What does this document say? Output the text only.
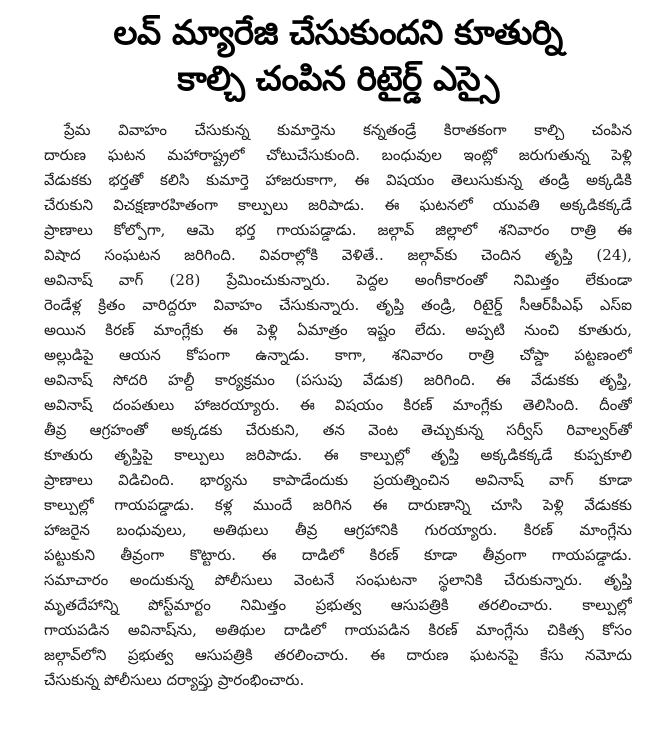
లవ్ మ్యారేజి చేసుకుందని కూతుర్ని
కాల్చి చంపిన రిటైర్డ్ ఎస్సై
ప్రేమ వివాహం చేసుకున్న కుమార్తెను కన్నతండ్రే కిరాతకంగా కాల్చి చంపిన
దారుణ ఘటన మహారాష్ట్రలో చోటుచేసుకుంది. బంధువుల ఇంట్లో జరుగుతున్న పెళ్లి
వేడుకకు భర్తతో కలిసి కుమార్తె హాజరుకాగా, ఈ విషయం తెలుసుకున్న తండ్రి అక్కడికి
చేరుకుని విచక్షణారహితంగా కాల్పులు జరిపాడు. ఈ ఘటనలో యువతి అక్కడికక్కడే
ప్రాణాలు కోల్పోగా, ఆమె భర్త గాయపడ్డాడు. జల్గావ్ జిల్లాలో శనివారం రాత్రి ఈ
విషాద సంఘటన జరిగింది. వివరాల్లోకి వెళితే.. జల్గావ్‌కు చెందిన తృప్తి (24),
అవినాష్ వాగ్ (28) ప్రేమించుకున్నారు. పెద్దల అంగీకారంతో నిమిత్తం లేకుండా
రెండేళ్ల క్రితం వారిద్దరూ వివాహం చేసుకున్నారు. తృప్తి తండ్రి, రిటైర్డ్ సీఆర్‌పీఎఫ్ ఎస్ఐ
అయిన కిరణ్ మాంగ్లేకు ఈ పెళ్లి ఏమాత్రం ఇష్టం లేదు. అప్పటి నుంచి కూతురు,
అల్లుడిపై ఆయన కోపంగా ఉన్నాడు. కాగా, శనివారం రాత్రి చోప్డా పట్టణంలో
అవినాష్ సోదరి హల్దీ కార్యక్రమం (పసుపు వేడుక) జరిగింది. ఈ వేడుకకు తృప్తి,
అవినాష్ దంపతులు హాజరయ్యారు. ఈ విషయం కిరణ్ మాంగ్లేకు తెలిసింది. దీంతో
తీవ్ర ఆగ్రహంతో అక్కడకు చేరుకుని, తన వెంట తెచ్చుకున్న సర్వీస్ రివాల్వర్‌తో
కూతురు తృప్తిపై కాల్పులు జరిపాడు. ఈ కాల్పుల్లో తృప్తి అక్కడికక్కడే కుప్పకూలి
ప్రాణాలు విడిచింది. భార్యను కాపాడేందుకు ప్రయత్నించిన అవినాష్ వాగ్ కూడా
కాల్పుల్లో గాయపడ్డాడు. కళ్ల ముందే జరిగిన ఈ దారుణాన్ని చూసి పెళ్లి వేడుకకు
హాజరైన బంధువులు, అతిథులు తీవ్ర ఆగ్రహానికి గురయ్యారు. కిరణ్ మాంగ్లేను
పట్టుకుని తీవ్రంగా కొట్టారు. ఈ దాడిలో కిరణ్ కూడా తీవ్రంగా గాయపడ్డాడు.
సమాచారం అందుకున్న పోలీసులు వెంటనే సంఘటనా స్థలానికి చేరుకున్నారు. తృప్తి
మృతదేహాన్ని పోస్ట్‌మార్టం నిమిత్తం ప్రభుత్వ ఆసుపత్రికి తరలించారు. కాల్పుల్లో
గాయపడిన అవినాష్‌ను, అతిథుల దాడిలో గాయపడిన కిరణ్ మాంగ్లేను చికిత్స కోసం
జల్గావ్‌లోని ప్రభుత్వ ఆసుపత్రికి తరలించారు. ఈ దారుణ ఘటనపై కేసు నమోదు
చేసుకున్న పోలీసులు దర్యాప్తు ప్రారంభించారు.
